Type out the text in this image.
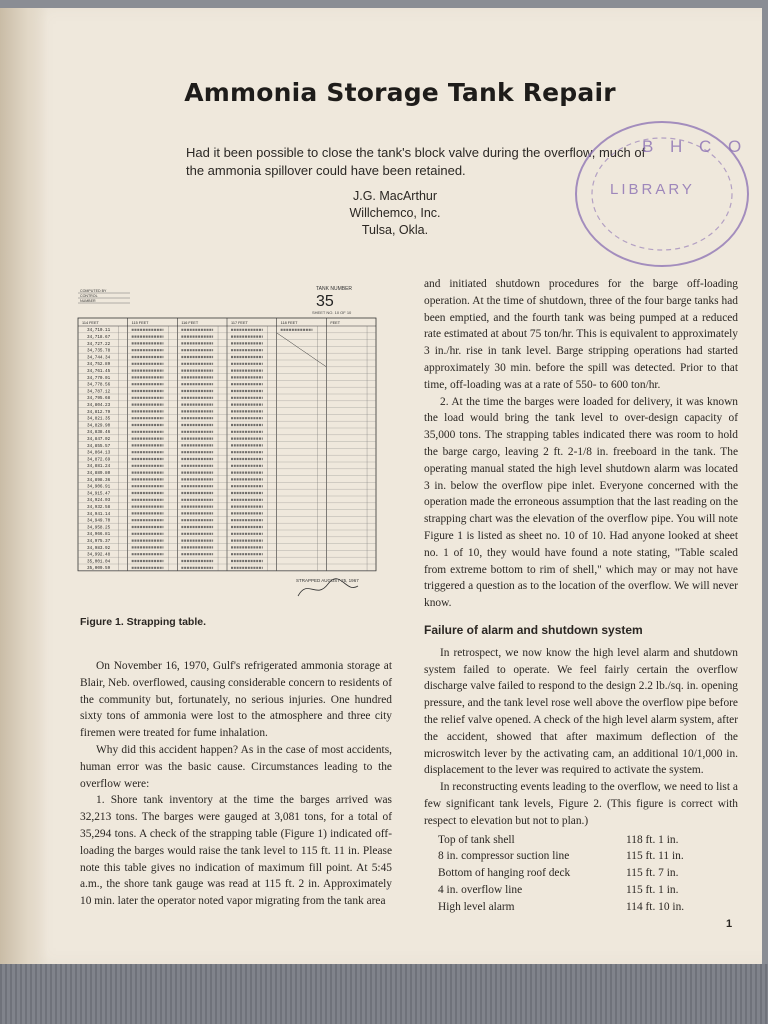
Ammonia Storage Tank Repair
Had it been possible to close the tank's block valve during the overflow, much of the ammonia spillover could have been retained.
J.G. MacArthur
Willchemco, Inc.
Tulsa, Okla.
B H C O
LIBRARY
COMPUTED BY
CONTROL
NUMBER
TANK NUMBER
35
SHEET NO. 10 OF 10
114 FEET	115 FEET	116 FEET	117 FEET	118 FEET	FEET
34,710.11
34,718.67
34,727.22
34,735.78
34,744.34
34,752.89
34,761.45
34,770.01
34,778.56
34,787.12
34,795.68
34,804.23
34,812.79
34,821.35
34,829.90
34,838.46
34,847.02
34,855.57
34,864.13
34,872.69
34,881.24
34,889.80
34,898.36
34,906.91
34,915.47
34,924.03
34,932.58
34,941.14
34,949.70
34,958.25
34,966.81
34,975.37
34,983.92
34,992.48
35,001.04
35,009.59
STRAPPED AUGUST 25, 1967
Figure 1. Strapping table.

and initiated shutdown procedures for the barge off-loading operation. At the time of shutdown, three of the four barge tanks had been emptied, and the fourth tank was being pumped at a reduced rate estimated at about 75 ton/hr. This is equivalent to approximately 3 in./hr. rise in tank level. Barge stripping operations had started approximately 30 min. before the spill was detected. Prior to that time, off-loading was at a rate of 550- to 600 ton/hr.

2. At the time the barges were loaded for delivery, it was known the load would bring the tank level to over-design capacity of 35,000 tons. The strapping tables indicated there was room to hold the barge cargo, leaving 2 ft. 2-1/8 in. freeboard in the tank. The operating manual stated the high level shutdown alarm was located 3 in. below the overflow pipe inlet. Everyone concerned with the operation made the erroneous assumption that the last reading on the strapping chart was the elevation of the overflow pipe. You will note Figure 1 is listed as sheet no. 10 of 10. Had anyone looked at sheet no. 1 of 10, they would have found a note stating, "Table scaled from extreme bottom to rim of shell," which may or may not have triggered a question as to the location of the overflow. We will never know.

Failure of alarm and shutdown system

In retrospect, we now know the high level alarm and shutdown system failed to operate. We feel fairly certain the overflow discharge valve failed to respond to the design 2.2 lb./sq. in. opening pressure, and the tank level rose well above the overflow pipe before the relief valve opened. A check of the high level alarm system, after the accident, showed that after maximum deflection of the microswitch lever by the activating cam, an additional 10/1,000 in. displacement to the lever was required to activate the system.

In reconstructing events leading to the overflow, we need to list a few significant tank levels, Figure 2. (This figure is correct with respect to elevation but not to plan.)

Top of tank shell	118 ft. 1 in.
8 in. compressor suction line	115 ft. 11 in.
Bottom of hanging roof deck	115 ft. 7 in.
4 in. overflow line	115 ft. 1 in.
High level alarm	114 ft. 10 in.

On November 16, 1970, Gulf's refrigerated ammonia storage at Blair, Neb. overflowed, causing considerable concern to residents of the community but, fortunately, no serious injuries. One hundred sixty tons of ammonia were lost to the atmosphere and three city firemen were treated for fume inhalation.

Why did this accident happen? As in the case of most accidents, human error was the basic cause. Circumstances leading to the overflow were:

1. Shore tank inventory at the time the barges arrived was 32,213 tons. The barges were gauged at 3,081 tons, for a total of 35,294 tons. A check of the strapping table (Figure 1) indicated off-loading the barges would raise the tank level to 115 ft. 11 in. Please note this table gives no indication of maximum fill point. At 5:45 a.m., the shore tank gauge was read at 115 ft. 2 in. Approximately 10 min. later the operator noted vapor migrating from the tank area

1
